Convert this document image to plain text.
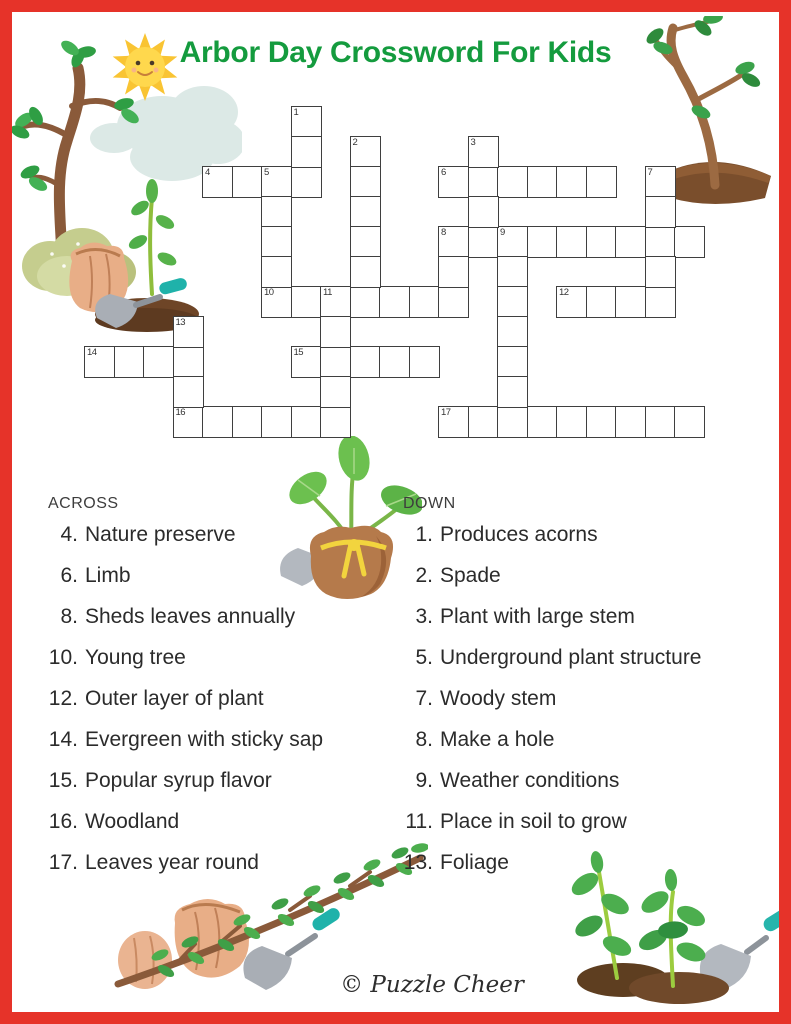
Arbor Day Crossword For Kids
4	5	6
8	9
10	11	12
14	15
16	17
1
2	3
7
13
ACROSS
4. Nature preserve
6. Limb
8. Sheds leaves annually
10. Young tree
12. Outer layer of plant
14. Evergreen with sticky sap
15. Popular syrup flavor
16. Woodland
17. Leaves year round
DOWN
1. Produces acorns
2. Spade
3. Plant with large stem
5. Underground plant structure
7. Woody stem
8. Make a hole
9. Weather conditions
11. Place in soil to grow
13. Foliage
© Puzzle Cheer
